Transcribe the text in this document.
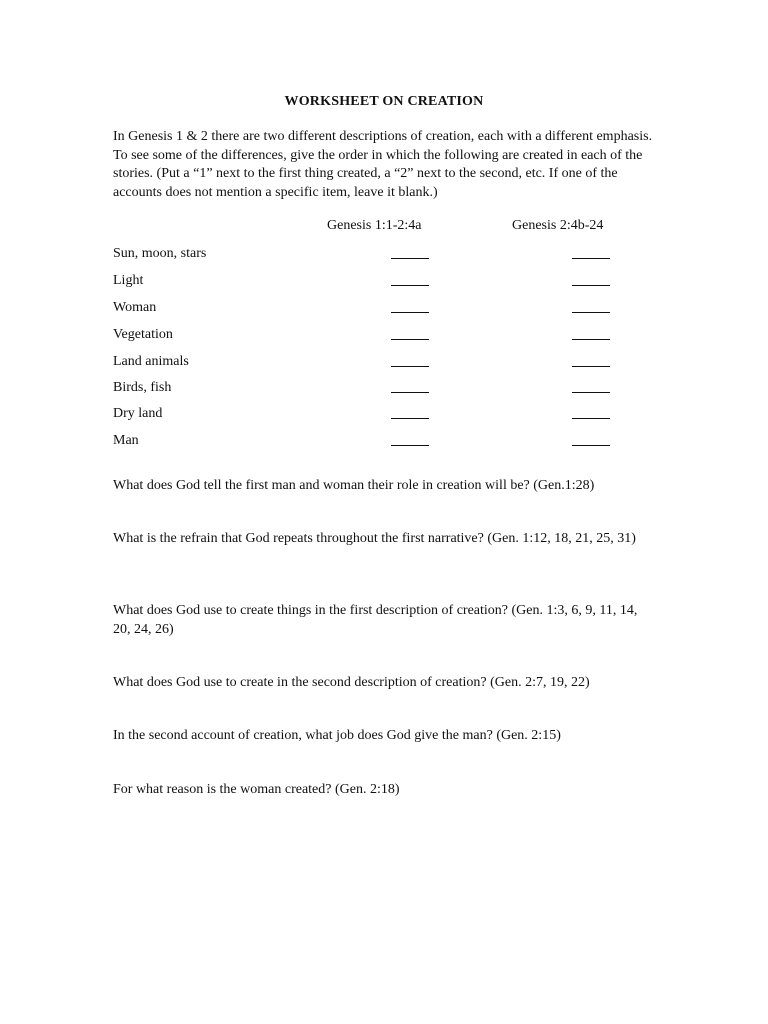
WORKSHEET ON CREATION
In Genesis 1 & 2 there are two different descriptions of creation, each with a different emphasis. To see some of the differences, give the order in which the following are created in each of the stories. (Put a “1” next to the first thing created, a “2” next to the second, etc. If one of the accounts does not mention a specific item, leave it blank.)
Genesis 1:1-2:4a	Genesis 2:4b-24
Sun, moon, stars
Light
Woman
Vegetation
Land animals
Birds, fish
Dry land
Man
What does God tell the first man and woman their role in creation will be? (Gen.1:28)
What is the refrain that God repeats throughout the first narrative? (Gen. 1:12, 18, 21, 25, 31)
What does God use to create things in the first description of creation? (Gen. 1:3, 6, 9, 11, 14, 20, 24, 26)
What does God use to create in the second description of creation? (Gen. 2:7, 19, 22)
In the second account of creation, what job does God give the man? (Gen. 2:15)
For what reason is the woman created? (Gen. 2:18)
